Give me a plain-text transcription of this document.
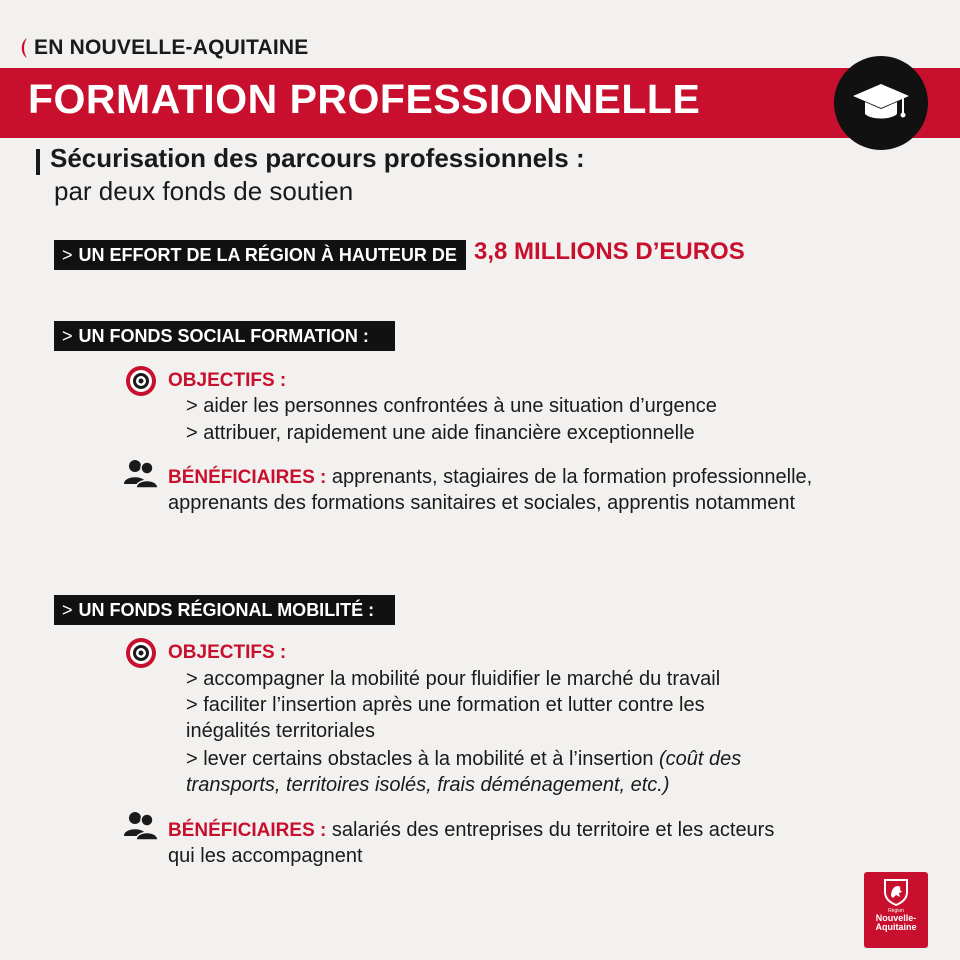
EN NOUVELLE-AQUITAINE
FORMATION PROFESSIONNELLE
Sécurisation des parcours professionnels :
par deux fonds de soutien
> UN EFFORT DE LA RÉGION À HAUTEUR DE 3,8 MILLIONS D’EUROS
> UN FONDS SOCIAL FORMATION :
OBJECTIFS :
> aider les personnes confrontées à une situation d’urgence
> attribuer, rapidement une aide financière exceptionnelle
BÉNÉFICIAIRES : apprenants, stagiaires de la formation professionnelle,
apprenants des formations sanitaires et sociales, apprentis notamment
> UN FONDS RÉGIONAL MOBILITÉ :
OBJECTIFS :
> accompagner la mobilité pour fluidifier le marché du travail
> faciliter l’insertion après une formation et lutter contre les
inégalités territoriales
> lever certains obstacles à la mobilité et à l’insertion (coût des
transports, territoires isolés, frais déménagement, etc.)
BÉNÉFICIAIRES : salariés des entreprises du territoire et les acteurs
qui les accompagnent
Région
Nouvelle-
Aquitaine
